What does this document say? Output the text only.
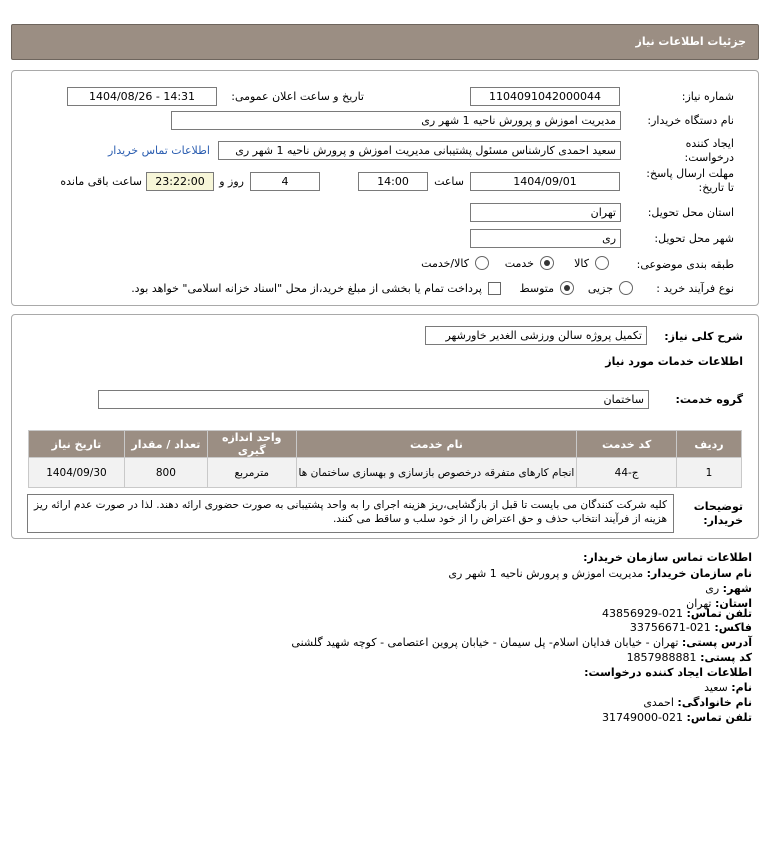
جزئیات اطلاعات نیاز
شماره نیاز:
1104091042000044
تاریخ و ساعت اعلان عمومی:
1404/08/26 - 14:31
نام دستگاه خریدار:
مدیریت اموزش و پرورش ناحیه 1 شهر ری
ایجاد کننده
درخواست:
سعید احمدی کارشناس مسئول پشتیبانی مدیریت اموزش و پرورش ناحیه 1 شهر ری
اطلاعات تماس خریدار
مهلت ارسال پاسخ:
تا تاریخ:
1404/09/01
ساعت
14:00
4
روز و
23:22:00
ساعت باقی مانده
استان محل تحویل:
تهران
شهر محل تحویل:
ری
طبقه بندی موضوعی:
کالا
خدمت
کالا/خدمت
نوع فرآیند خرید :
جزیی
متوسط
پرداخت تمام یا بخشی از مبلغ خرید،از محل "اسناد خزانه اسلامی" خواهد بود.
شرح کلی نیاز:
تکمیل پروژه سالن ورزشی الغدیر خاورشهر
اطلاعات خدمات مورد نیاز
گروه خدمت:
ساختمان
تاریخ نیاز	تعداد / مقدار	واحد اندازه گیری	نام خدمت	کد خدمت	ردیف
1404/09/30	800	مترمربع	انجام کارهای متفرقه درخصوص بازسازی و بهسازی ساختمان ها	ج-44	1
توضیحات
خریدار:
کلیه شرکت کنندگان می بایست تا قبل از بازگشایی،ریز هزینه اجرای را به واحد پشتیبانی به صورت حضوری ارائه دهند. لذا در صورت عدم ارائه ریز هزینه از فرآیند انتخاب حذف و حق اعتراض را از خود سلب و ساقط می کنند.
اطلاعات تماس سازمان خریدار:
نام سازمان خریدار: مدیریت اموزش و پرورش ناحیه 1 شهر ری
شهر: ری
استان: تهران
تلفن تماس: 021-43856929
فاکس: 021-33756671
آدرس پستی: تهران - خیابان فدایان اسلام- پل سیمان - خیابان پروین اعتصامی - کوچه شهید گلشنی
کد پستی: 1857988881
اطلاعات ایجاد کننده درخواست:
نام: سعید
نام خانوادگی: احمدی
تلفن تماس: 021-31749000
